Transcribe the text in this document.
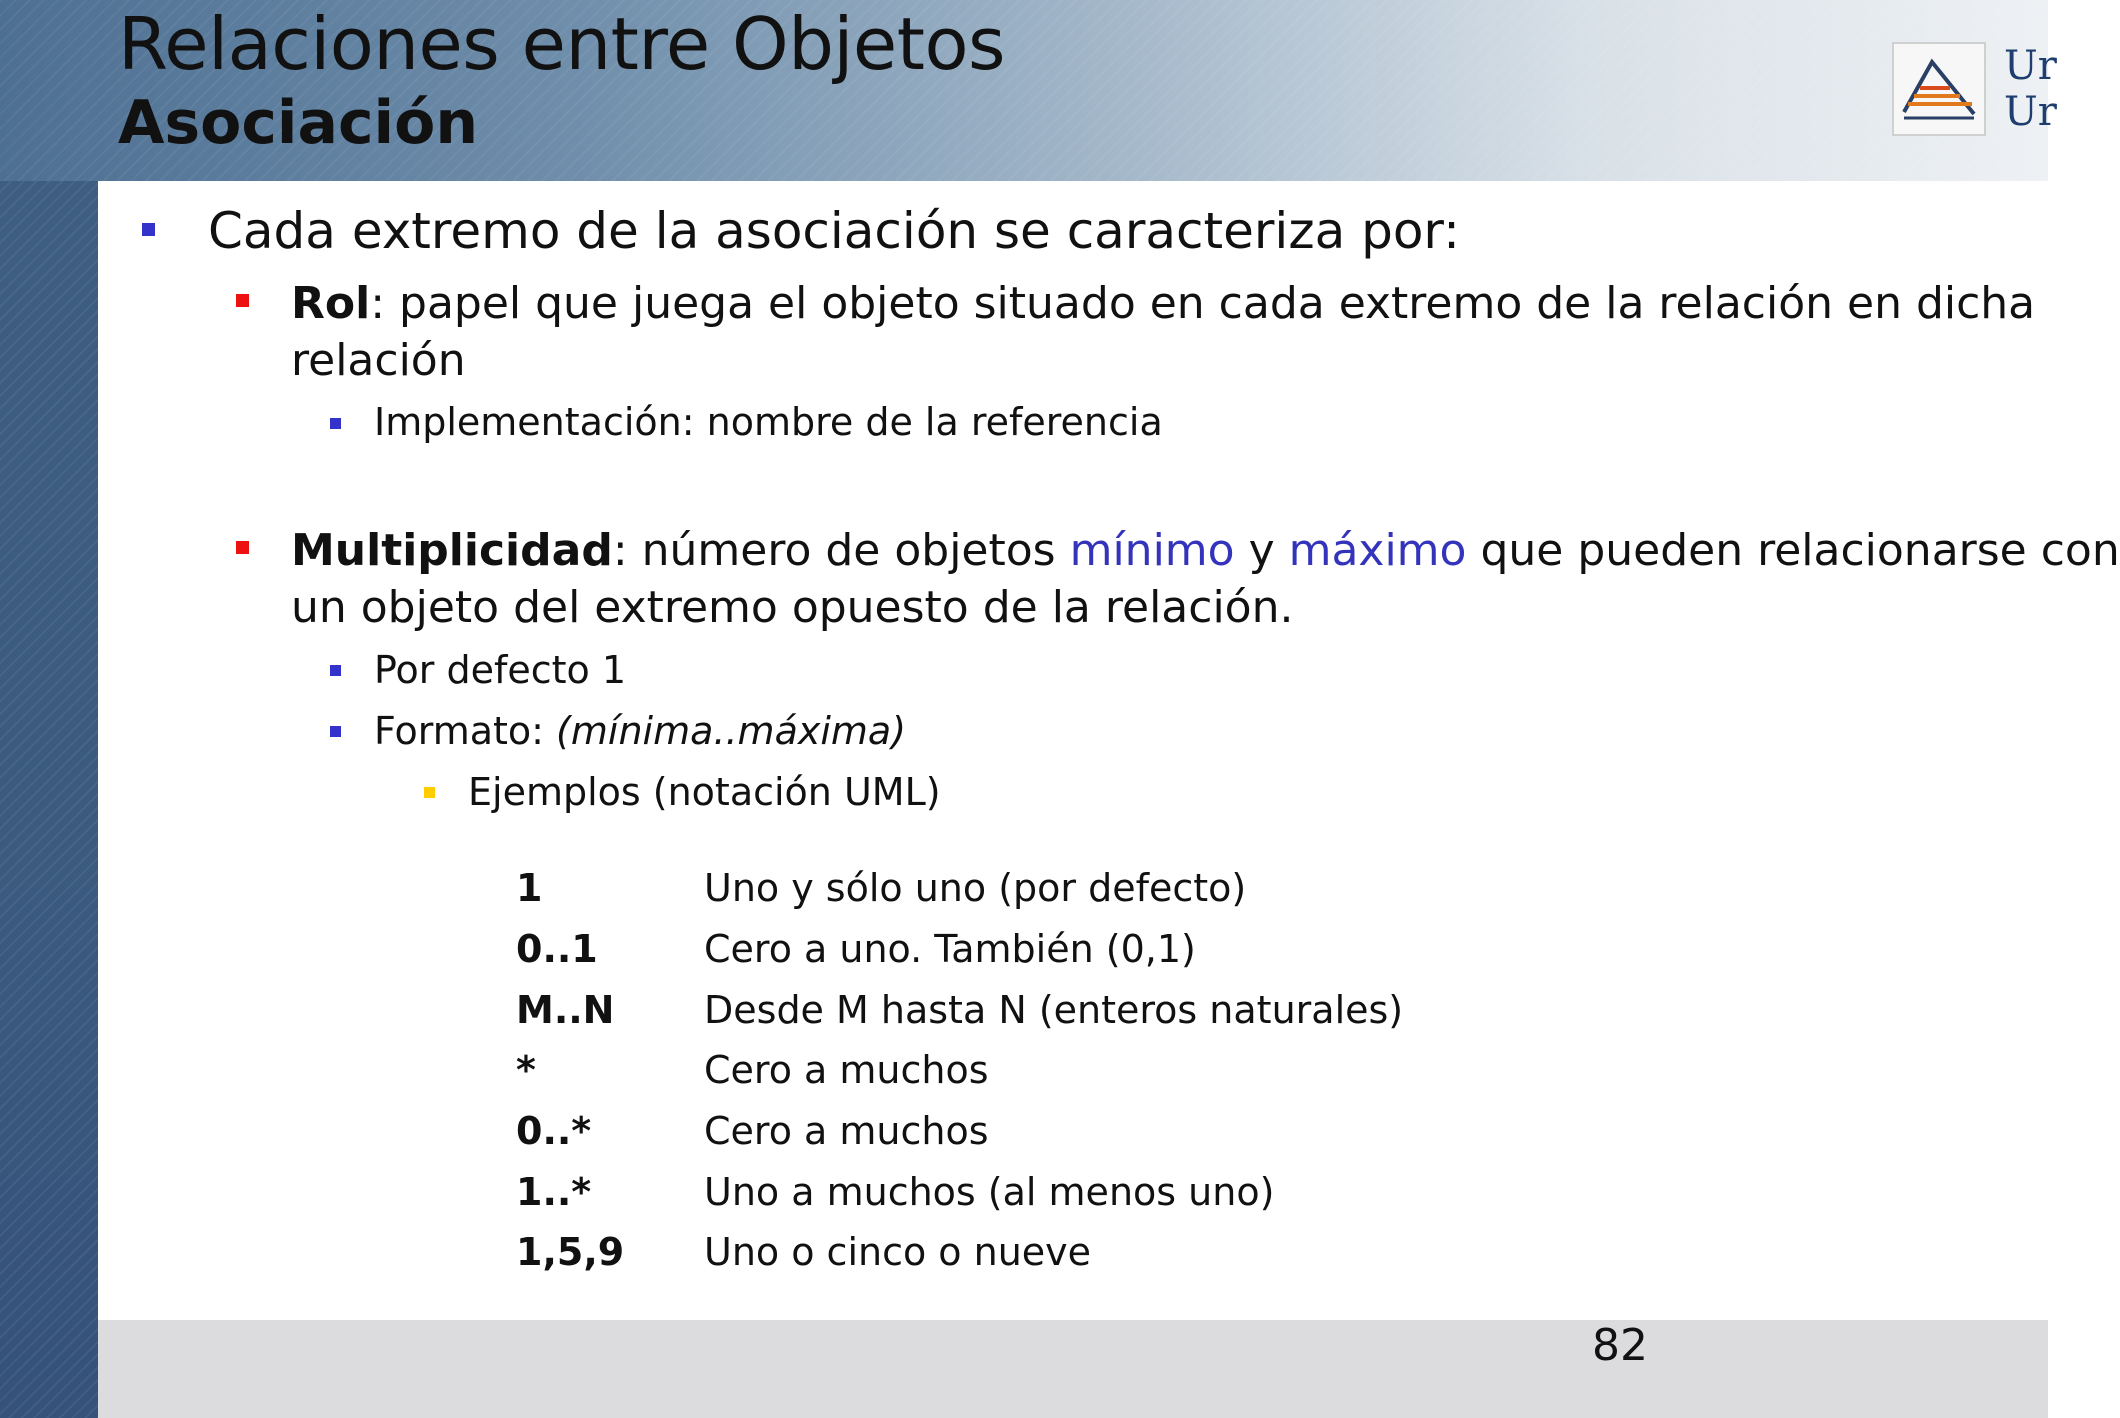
Relaciones entre Objetos
Asociación
Ur
Ur
Cada extremo de la asociación se caracteriza por:
Rol: papel que juega el objeto situado en cada extremo de la relación en dicha
relación
Implementación: nombre de la referencia
Multiplicidad: número de objetos mínimo y máximo que pueden relacionarse con
un objeto del extremo opuesto de la relación.
Por defecto 1
Formato: (mínima..máxima)
Ejemplos (notación UML)
1	Uno y sólo uno (por defecto)
0..1	Cero a uno. También (0,1)
M..N Desde M hasta N (enteros naturales)
*	Cero a muchos
0..*	Cero a muchos
1..*	Uno a muchos (al menos uno)
1,5,9 Uno o cinco o nueve
82
